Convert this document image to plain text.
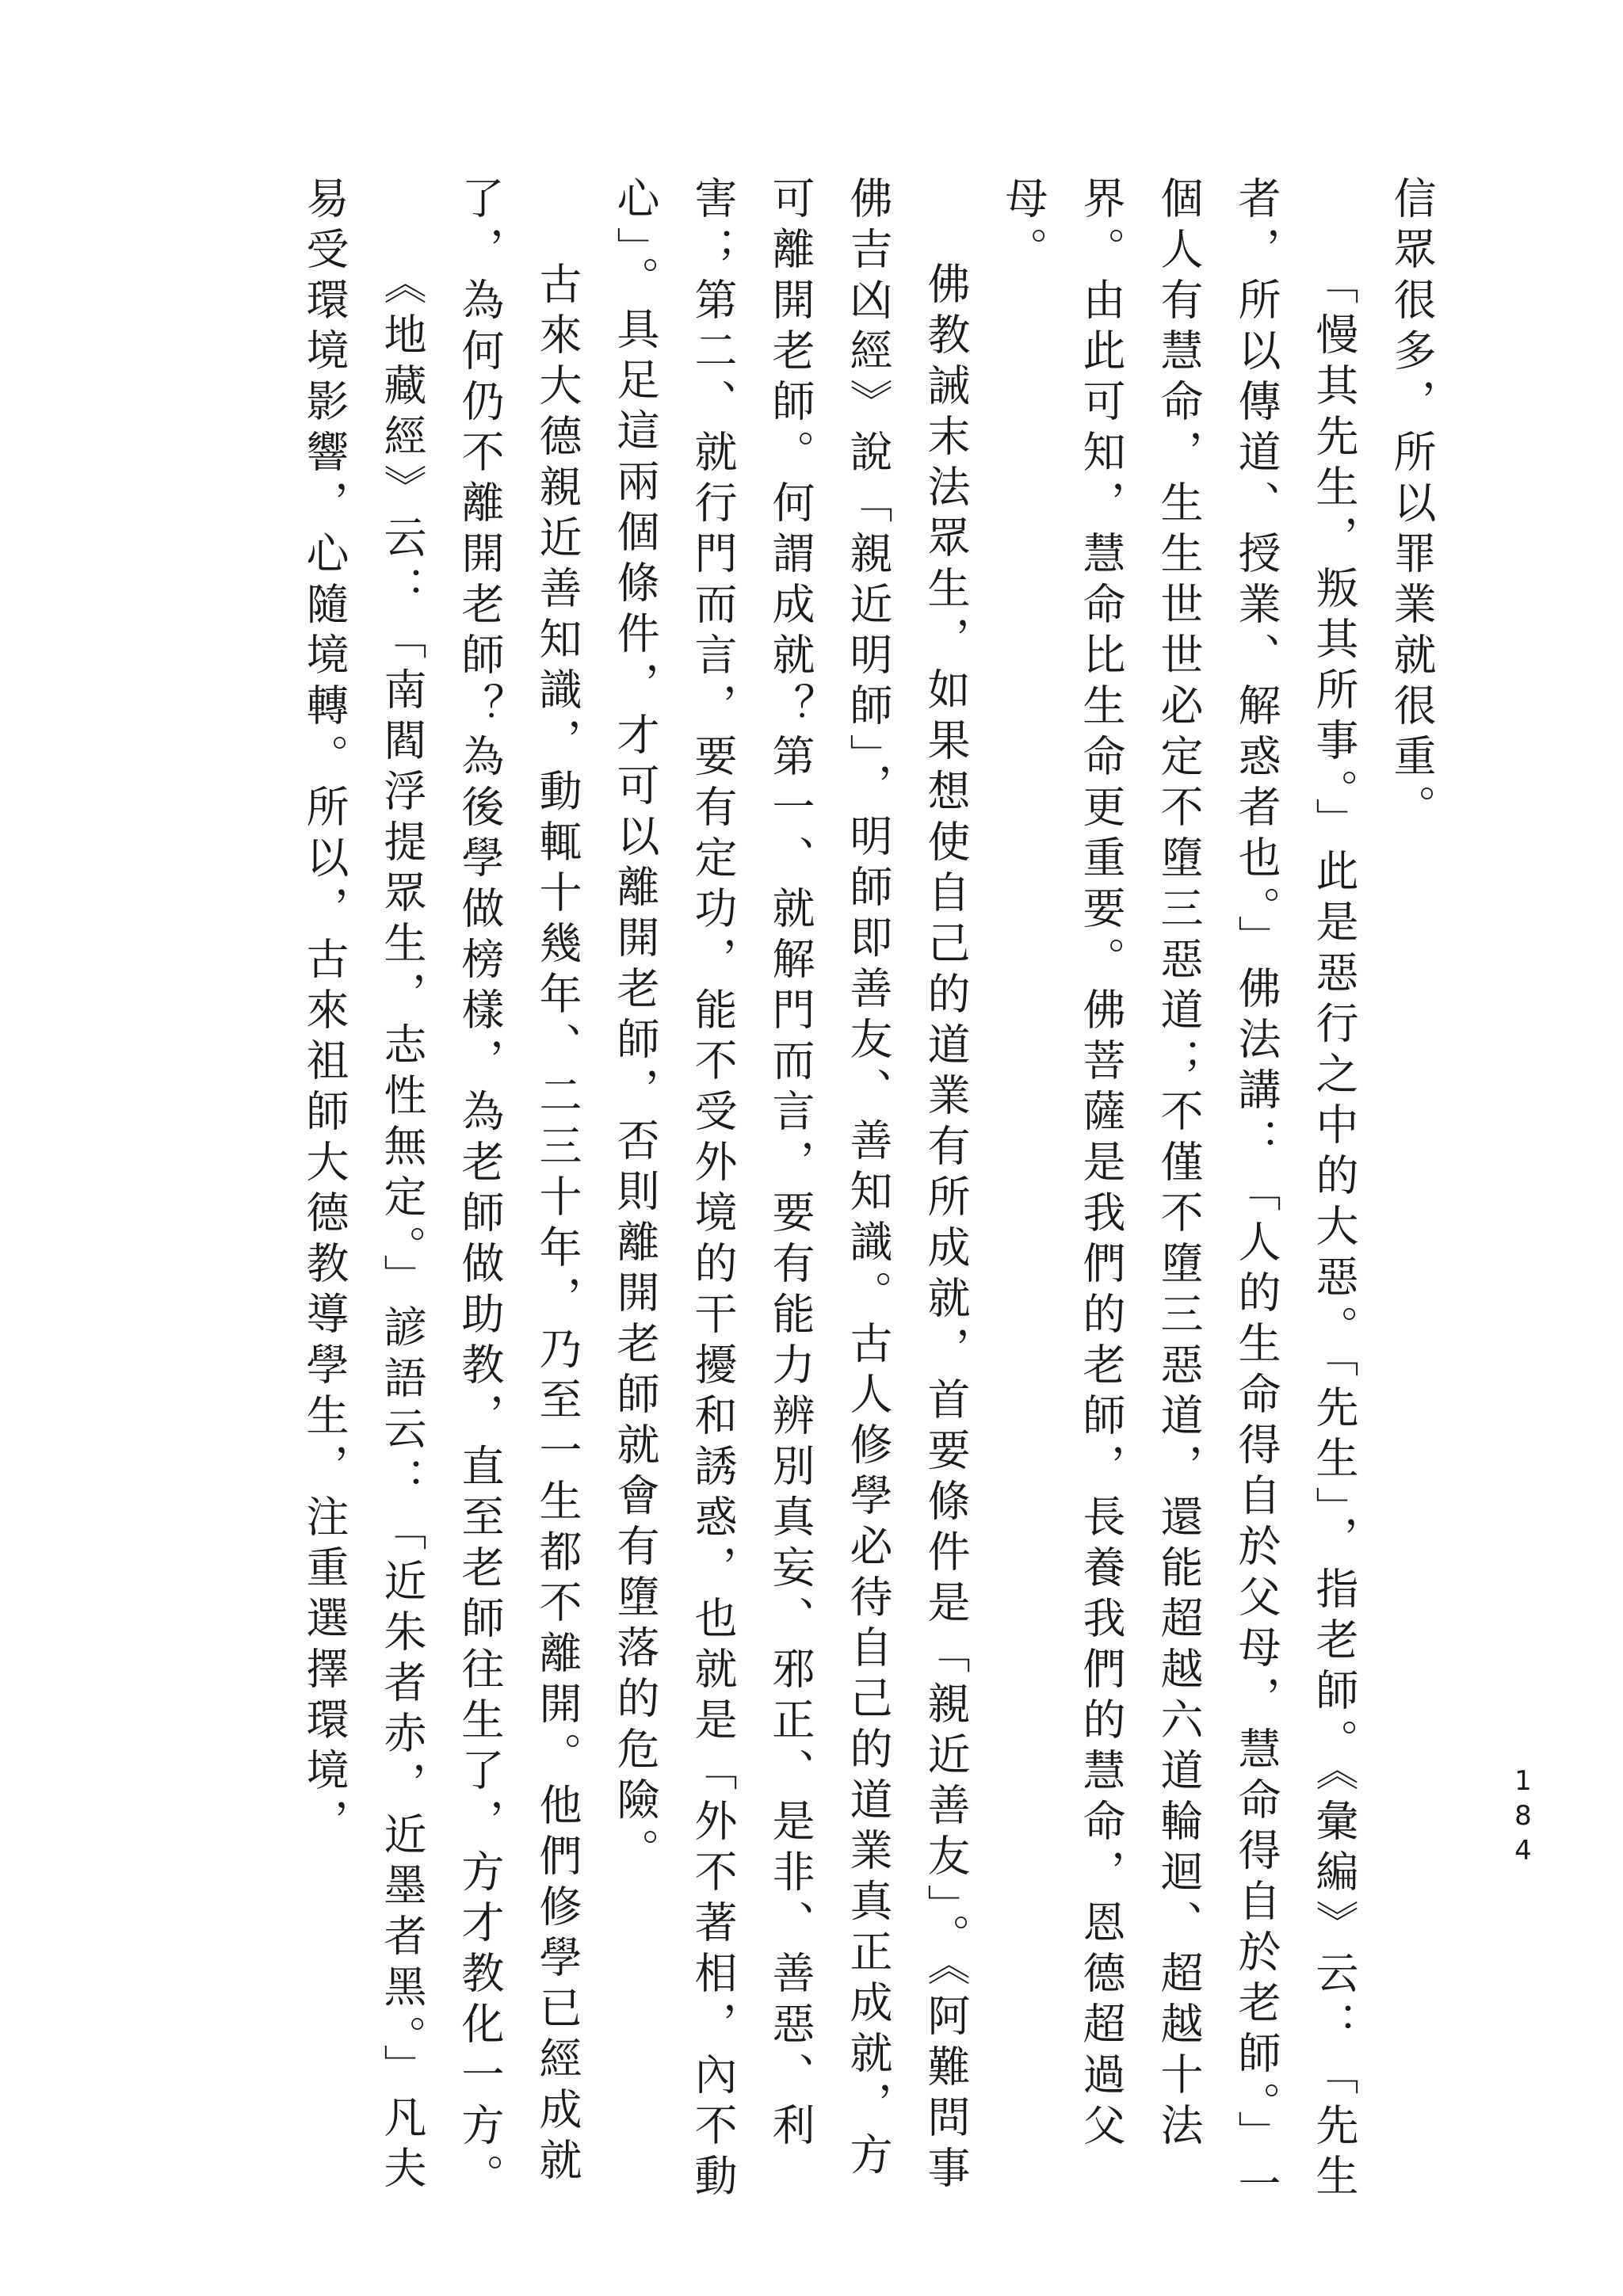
信眾很多，所以罪業就很重。

「慢其先生，叛其所事。」此是惡行之中的大惡。「先生」，指老師。《彙編》云：「先生者，所以傳道、授業、解惑者也。」佛法講：「人的生命得自於父母，慧命得自於老師。」一個人有慧命，生生世世必定不墮三惡道；不僅不墮三惡道，還能超越六道輪迴、超越十法界。由此可知，慧命比生命更重要。佛菩薩是我們的老師，長養我們的慧命，恩德超過父母。

佛教誡末法眾生，如果想使自己的道業有所成就，首要條件是「親近善友」。《阿難問事佛吉凶經》說「親近明師」，明師即善友、善知識。古人修學必待自己的道業真正成就，方可離開老師。何謂成就？第一、就解門而言，要有能力辨別真妄、邪正、是非、善惡、利害；第二、就行門而言，要有定功，能不受外境的干擾和誘惑，也就是「外不著相，內不動心」。具足這兩個條件，才可以離開老師，否則離開老師就會有墮落的危險。

古來大德親近善知識，動輒十幾年、二三十年，乃至一生都不離開。他們修學已經成就了，為何仍不離開老師？為後學做榜樣，為老師做助教，直至老師往生了，方才教化一方。

《地藏經》云：「南閻浮提眾生，志性無定。」諺語云：「近朱者赤，近墨者黑。」凡夫易受環境影響，心隨境轉。所以，古來祖師大德教導學生，注重選擇環境，	184
